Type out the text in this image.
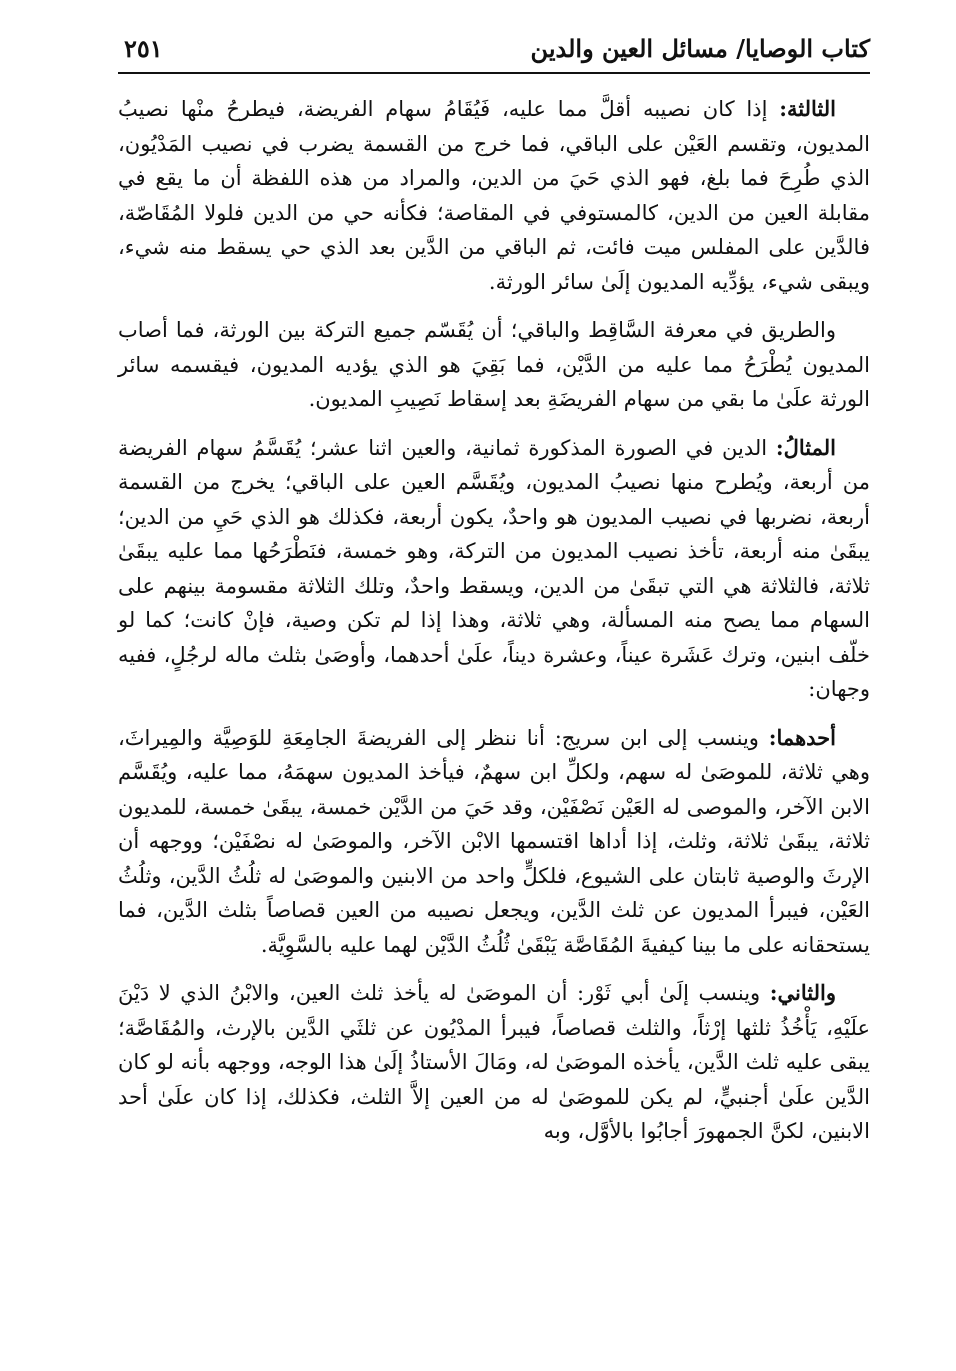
كتاب الوصايا/ مسائل العين والدين
٢٥١

الثالثة: إذا كان نصيبه أقلَّ مما عليه، فَيُقَامُ سهام الفريضة، فيطرحُ منْها نصيبُ المديون، وتقسم العَيْن على الباقي، فما خرج من القسمة يضرب في نصيب المَدْيُون، الذي طُرِحَ فما بلغ، فهو الذي حَيَ من الدين، والمراد من هذه اللفظة أن ما يقع في مقابلة العين من الدين، كالمستوفي في المقاصة؛ فكأنه حي من الدين فلولا المُقَاصّة، فالدَّين على المفلس ميت فائت، ثم الباقي من الدَّين بعد الذي حي يسقط منه شيء، ويبقى شيء، يؤدِّيه المديون إلَىٰ سائر الورثة.

والطريق في معرفة السَّاقِط والباقي؛ أن يُقَسّم جميع التركة بين الورثة، فما أصاب المديون يُطْرَحُ مما عليه من الدَّيْن، فما بَقِيَ هو الذي يؤديه المديون، فيقسمه سائر الورثة علَىٰ ما بقي من سهام الفريضَةِ بعد إسقاط نَصِيبِ المديون.

المثالُ: الدين في الصورة المذكورة ثمانية، والعين اثنا عشر؛ يُقَسَّمُ سهام الفريضة من أربعة، ويُطرح منها نصيبُ المديون، ويُقَسَّم العين على الباقي؛ يخرج من القسمة أربعة، نضربها في نصيب المديون هو واحدٌ، يكون أربعة، فكذلك هو الذي حَيِ من الدين؛ يبقَىٰ منه أربعة، تأخذ نصيب المديون من التركة، وهو خمسة، فنَطْرَحُها مما عليه يبقَىٰ ثلاثة، فالثلاثة هي التي تبقَىٰ من الدين، ويسقط واحدٌ، وتلك الثلاثة مقسومة بينهم على السهام مما يصح منه المسألة، وهي ثلاثة، وهذا إذا لم تكن وصية، فإنْ كانت؛ كما لو خلّف ابنين، وترك عَشَرة عيناً، وعشرة ديناً، علَىٰ أحدهما، وأوصَىٰ بثلث ماله لرجُلٍ، ففيه وجهان:

أحدهما: وينسب إلى ابن سريج: أنا ننظر إلى الفريضةَ الجامِعَةِ للوَصِيَّة والمِيراثَ، وهي ثلاثة، للموصَىٰ له سهم، ولكلِّ ابن سهمٌ، فيأخذ المديون سهمَهُ، مما عليه، ويُقَسَّم الابن الآخر، والموصى له العَيْن نَصْفَيْن، وقد حَيَ من الدَّيْن خمسة، يبقَىٰ خمسة، للمديون ثلاثة، يبقَىٰ ثلاثة، وثلث، إذا أداها اقتسمها الابْن الآخر، والموصَىٰ له نصْفَيْن؛ ووجهه أن الإرثَ والوصية ثابتان على الشيوع، فلكلٍّ واحد من الابنين والموصَىٰ له ثلُثُ الدَّين، وثلُثُ العَيْن، فيبرأ المديون عن ثلث الدَّين، ويجعل نصيبه من العين قصاصاً بثلث الدَّين، فما يستحقانه على ما بينا كيفيةَ المُقَاصَّة يَبْقَىٰ ثُلُثُ الدَّيْن لهما عليه بالسَّوِيَّة.

والثاني: وينسب إلَىٰ أبي ثَوْر: أن الموصَىٰ له يأخذ ثلث العين، والابْنُ الذي لا دَيْنَ علَيْهِ، يَأْخُذُ ثلثها إرْثاً، والثلث قصاصاً، فيبرأ المدْيُون عن ثلثَي الدَّين بالإرث، والمُقَاصَّة؛ يبقى عليه ثلث الدَّين، يأخذه الموصَىٰ له، ومَالَ الأستاذُ إلَىٰ هذا الوجه، ووجهه بأنه لو كان الدَّين علَىٰ أجنبيٍّ، لم يكن للموصَىٰ له من العين إلاَّ الثلث، فكذلك، إذا كان علَىٰ أحد الابنين، لكنَّ الجمهورَ أجابُوا بالأوَّل، وبه
